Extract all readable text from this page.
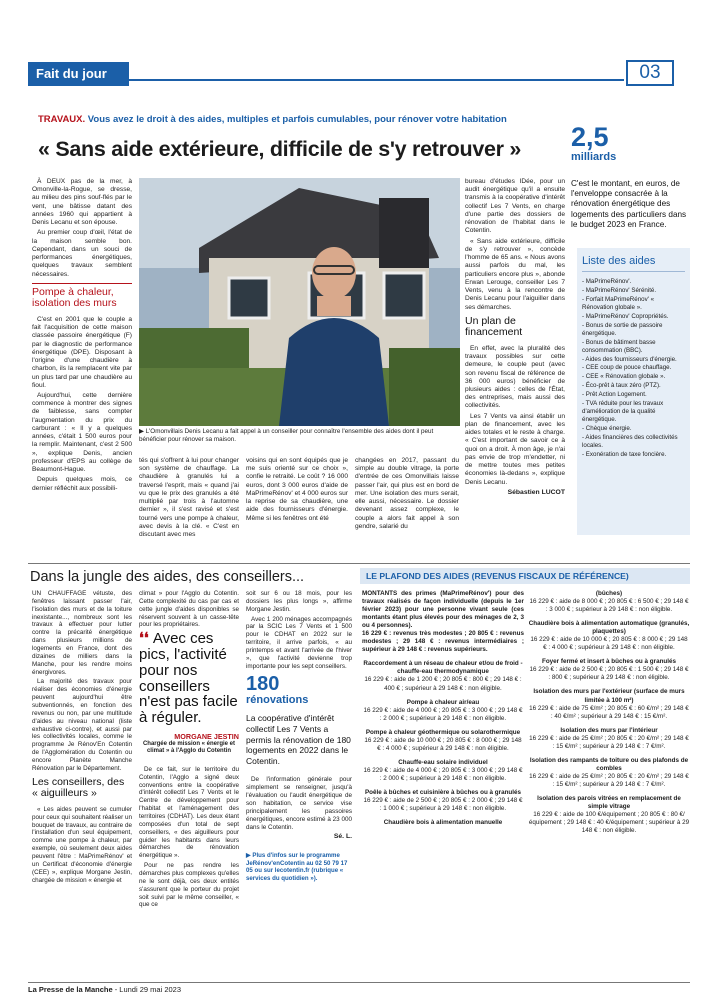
Fait du jour	03
TRAVAUX. Vous avez le droit à des aides, multiples et parfois cumulables, pour rénover votre habitation
« Sans aide extérieure, difficile de s'y retrouver »

À DEUX pas de la mer, à Omonville-la-Rogue, se dresse, au milieu des pins souf-flés par le vent, une bâtisse datant des années 1960 qui appartient à Denis Lecanu et son épouse.

Au premier coup d'œil, l'état de la maison semble bon. Cependant, dans un souci de performances énergétiques, quelques travaux semblent nécessaires.

Pompe à chaleur, isolation des murs

C'est en 2001 que le couple a fait l'acquisition de cette maison classée passoire énergétique (F) par le diagnostic de performance énergétique (DPE). Disposant à l'origine d'une chaudière à charbon, ils la remplacent vite par un plus tard par une chaudière au fioul.

Aujourd'hui, cette dernière commence à montrer des signes de faiblesse, sans compter l'augmentation du prix du carburant : « Il y a quelques années, c'était 1 500 euros pour la remplir. Maintenant, c'est 2 500 », explique Denis, ancien professeur d'EPS au collège de Beaumont-Hague.

Depuis quelques mois, ce dernier réfléchit aux possibili-

▶ L'Omonvillais Denis Lecanu a fait appel à un conseiller pour connaître l'ensemble des aides dont il peut bénéficier pour rénover sa maison.

tés qui s'offrent à lui pour changer son système de chauffage. La chaudière à granulés lui a traversé l'esprit, mais « quand j'ai vu que le prix des granulés a été multiplié par trois à l'automne dernier », il s'est ravisé et s'est tourné vers une pompe à chaleur, avec devis à la clé. « C'est en discutant avec mes

voisins qui en sont équipés que je me suis orienté sur ce choix », confie le retraité. Le coût ? 16 000 euros, dont 3 000 euros d'aide de MaPrimeRénov' et 4 000 euros sur la reprise de sa chaudière, une aide des fournisseurs d'énergie. Même si les fenêtres ont été

changées en 2017, passant du simple au double vitrage, la porte d'entrée de ces Omonvillais laisse passer l'air, qui plus est en bord de mer. Une isolation des murs serait, elle aussi, nécessaire. Le dossier devenant assez complexe, le couple a alors fait appel à son gendre, salarié du

bureau d'études IDée, pour un audit énergétique qu'il a ensuite transmis à la coopérative d'intérêt collectif Les 7 Vents, en charge d'une partie des dossiers de rénovation de l'habitat dans le Cotentin.

« Sans aide extérieure, difficile de s'y retrouver », concède l'homme de 65 ans. « Nous avons aussi parfois du mal, les particuliers encore plus », abonde Erwan Lerouge, conseiller Les 7 Vents, venu à la rencontre de Denis Lecanu pour l'aiguiller dans ses démarches.

Un plan de financement

En effet, avec la pluralité des travaux possibles sur cette demeure, le couple peut (avec son revenu fiscal de référence de 36 000 euros) bénéficier de plusieurs aides : celles de l'État, des entreprises, mais aussi des collectivités.

Les 7 Vents va ainsi établir un plan de financement, avec les aides totales et le reste à charge. « C'est important de savoir ce à quoi on a droit. À mon âge, je n'ai pas envie de trop m'endetter, ni de mettre toutes mes petites économies là-dedans », explique Denis Lecanu.

Sébastien LUCOT
2,5
milliards
C'est le montant, en euros, de l'enveloppe consacrée à la rénovation énergétique des logements des particuliers dans le budget 2023 en France.
Liste des aides
- MaPrimeRénov'.
- MaPrimeRénov' Sérénité.
- Forfait MaPrimeRénov' « Rénovation globale ».
- MaPrimeRénov' Copropriétés.
- Bonus de sortie de passoire énergétique.
- Bonus de bâtiment basse consommation (BBC).
- Aides des fournisseurs d'énergie.
- CEE coup de pouce chauffage.
- CEE « Rénovation globale ».
- Éco-prêt à taux zéro (PTZ).
- Prêt Action Logement.
- TVA réduite pour les travaux d'amélioration de la qualité énergétique.
- Chèque énergie.
- Aides financières des collectivités locales.
- Exonération de taxe foncière.
Dans la jungle des aides, des conseillers...

UN CHAUFFAGE vétuste, des fenêtres laissant passer l'air, l'isolation des murs et de la toiture inexistante..., nombreux sont les travaux à effectuer pour lutter contre la précarité énergétique dans plusieurs millions de logements en France, dont des dizaines de milliers dans la Manche, pour les rendre moins énergivores.

La majorité des travaux pour réaliser des économies d'énergie peuvent aujourd'hui être subventionnés, en fonction des revenus ou non, par une multitude d'aides au niveau national (liste exhaustive ci-contre), et aussi par les collectivités locales, comme le programme Je Rénov'En Cotentin de l'Agglomération du Cotentin ou encore Planète Manche Rénovation par le Département.

Les conseillers, des « aiguilleurs »

« Les aides peuvent se cumuler pour ceux qui souhaitent réaliser un bouquet de travaux, au contraire de l'installation d'un seul équipement, comme une pompe à chaleur, par exemple, où seulement deux aides peuvent l'être : MaPrimeRénov' et un Certificat d'économie d'énergie (CEE) », explique Morgane Jestin, chargée de mission « énergie et

climat » pour l'Agglo du Cotentin. Cette complexité du cas par cas et cette jungle d'aides disponibles se réservent souvent à un casse-tête pour les propriétaires.

❛❛ Avec ces pics, l'activité pour nos conseillers n'est pas facile à réguler.
MORGANE JESTIN
Chargée de mission « énergie et climat » à l'Agglo du Cotentin

De ce fait, sur le territoire du Cotentin, l'Agglo a signé deux conventions entre la coopérative d'intérêt collectif Les 7 Vents et le Centre de développement pour l'habitat et l'aménagement des territoires (CDHAT). Les deux étant composées d'un total de sept conseillers, « des aiguilleurs pour guider les habitants dans leurs démarches de rénovation énergétique ».

Pour ne pas rendre les démarches plus complexes qu'elles ne le sont déjà, ces deux entités s'assurent que le porteur du projet soit suivi par le même conseiller, « que ce

soit sur 6 ou 18 mois, pour les dossiers les plus longs », affirme Morgane Jestin.

Avec 1 200 ménages accompagnés par la SCIC Les 7 Vents et 1 500 pour le CDHAT en 2022 sur le territoire, il arrive parfois, « au printemps et avant l'arrivée de l'hiver », que l'activité devienne trop importante pour les sept conseillers.

180
rénovations
La coopérative d'intérêt collectif Les 7 Vents a permis la rénovation de 180 logements en 2022 dans le Cotentin.

De l'information générale pour simplement se renseigner, jusqu'à l'évaluation ou l'audit énergétique de son habitation, ce service vise principalement les passoires énergétiques, encore estimé à 23 000 dans le Cotentin.

Sé. L.
▶ Plus d'infos sur le programme JeRénov'enCotentin au 02 50 79 17 05 ou sur lecotentin.fr (rubrique « services du quotidien »).
LE PLAFOND DES AIDES (REVENUS FISCAUX DE RÉFÉRENCE)

MONTANTS des primes (MaPrimeRénov') pour des travaux réalisés de façon individuelle (depuis le 1er février 2023) pour une personne vivant seule (ces montants étant plus élevés pour des ménages de 2, 3 ou 4 personnes).

16 229 € : revenus très modestes ; 20 805 € : revenus modestes ; 29 148 € : revenus intermédiaires ; supérieur à 29 148 € : revenus supérieurs.

Raccordement à un réseau de chaleur et/ou de froid - chauffe-eau thermodynamique
16 229 € : aide de 1 200 € ; 20 805 € : 800 € ; 29 148 € : 400 € ; supérieur à 29 148 € : non éligible.
Pompe à chaleur air/eau
16 229 € : aide de 4 000 € ; 20 805 € : 3 000 € ; 29 148 € : 2 000 € ; supérieur à 29 148 € : non éligible.
Pompe à chaleur géothermique ou solarothermique
16 229 € : aide de 10 000 € ; 20 805 € : 8 000 € ; 29 148 € : 4 000 € ; supérieur à 29 148 € : non éligible.
Chauffe-eau solaire individuel
16 229 € : aide de 4 000 € ; 20 805 € : 3 000 € ; 29 148 € : 2 000 € ; supérieur à 29 148 € : non éligible.
Poêle à bûches et cuisinière à bûches ou à granulés
16 229 € : aide de 2 500 € ; 20 805 € : 2 000 € ; 29 148 € : 1 000 € ; supérieur à 29 148 € : non éligible.
Chaudière bois à alimentation manuelle
(bûches)
16 229 € : aide de 8 000 € ; 20 805 € : 6 500 € ; 29 148 € : 3 000 € ; supérieur à 29 148 € : non éligible.
Chaudière bois à alimentation automatique (granulés, plaquettes)
16 229 € : aide de 10 000 € ; 20 805 € : 8 000 € ; 29 148 € : 4 000 € ; supérieur à 29 148 € : non éligible.
Foyer fermé et insert à bûches ou à granulés
16 229 € : aide de 2 500 € ; 20 805 € : 1 500 € ; 29 148 € : 800 € ; supérieur à 29 148 € : non éligible.
Isolation des murs par l'extérieur (surface de murs limitée à 100 m²)
16 229 € : aide de 75 €/m² ; 20 805 € : 60 €/m² ; 29 148 € : 40 €/m² ; supérieur à 29 148 € : 15 €/m².
Isolation des murs par l'intérieur
16 229 € : aide de 25 €/m² ; 20 805 € : 20 €/m² ; 29 148 € : 15 €/m² ; supérieur à 29 148 € : 7 €/m².
Isolation des rampants de toiture ou des plafonds de combles
16 229 € : aide de 25 €/m² ; 20 805 € : 20 €/m² ; 29 148 € : 15 €/m² ; supérieur à 29 148 € : 7 €/m².
Isolation des parois vitrées en remplacement de simple vitrage
16 229 € : aide de 100 €/équipement ; 20 805 € : 80 €/équipement ; 29 148 € : 40 €/équipement ; supérieur à 29 148 € : non éligible.
La Presse de la Manche - Lundi 29 mai 2023
